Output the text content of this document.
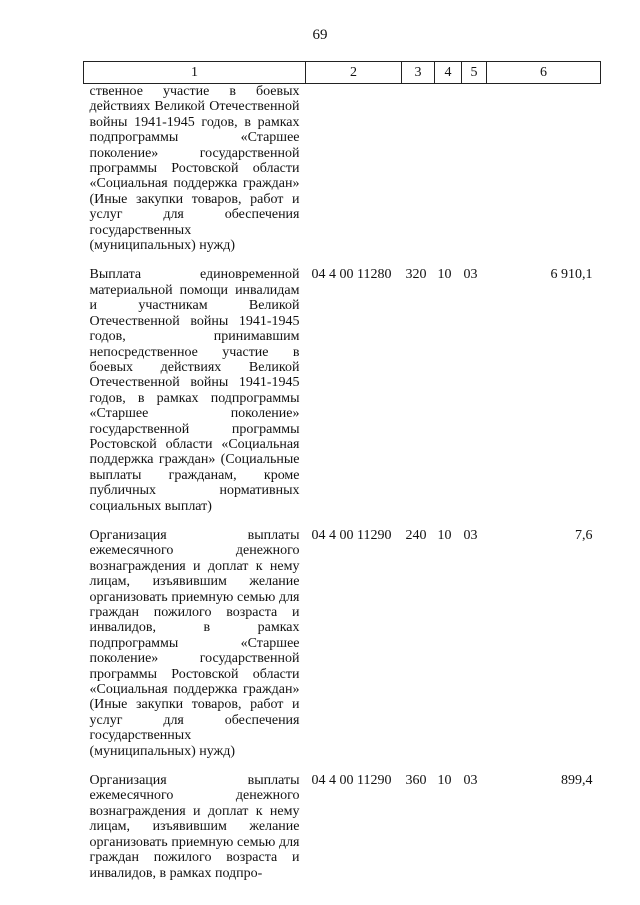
69
1	2	3	4	5	6
ственное участие в боевых действиях Великой Отечественной войны 1941-1945 годов, в рамках подпрограммы «Старшее поколение» государственной программы Ростовской области «Социальная поддержка граждан» (Иные закупки товаров, работ и услуг для обеспечения государственных (муниципальных) нужд)					
Выплата единовременной материальной помощи инвалидам и участникам Великой Отечественной войны 1941-1945 годов, принимавшим непосредственное участие в боевых действиях Великой Отечественной войны 1941-1945 годов, в рамках подпрограммы «Старшее поколение» государственной программы Ростовской области «Социальная поддержка граждан» (Социальные выплаты гражданам, кроме публичных нормативных социальных выплат)	04 4 00 11280	320	10	03	6 910,1
Организация выплаты ежемесячного денежного вознаграждения и доплат к нему лицам, изъявившим желание организовать приемную семью для граждан пожилого возраста и инвалидов, в рамках подпрограммы «Старшее поколение» государственной программы Ростовской области «Социальная поддержка граждан» (Иные закупки товаров, работ и услуг для обеспечения государственных (муниципальных) нужд)	04 4 00 11290	240	10	03	7,6
Организация выплаты ежемесячного денежного вознаграждения и доплат к нему лицам, изъявившим желание организовать приемную семью для граждан пожилого возраста и инвалидов, в рамках подпро-	04 4 00 11290	360	10	03	899,4
